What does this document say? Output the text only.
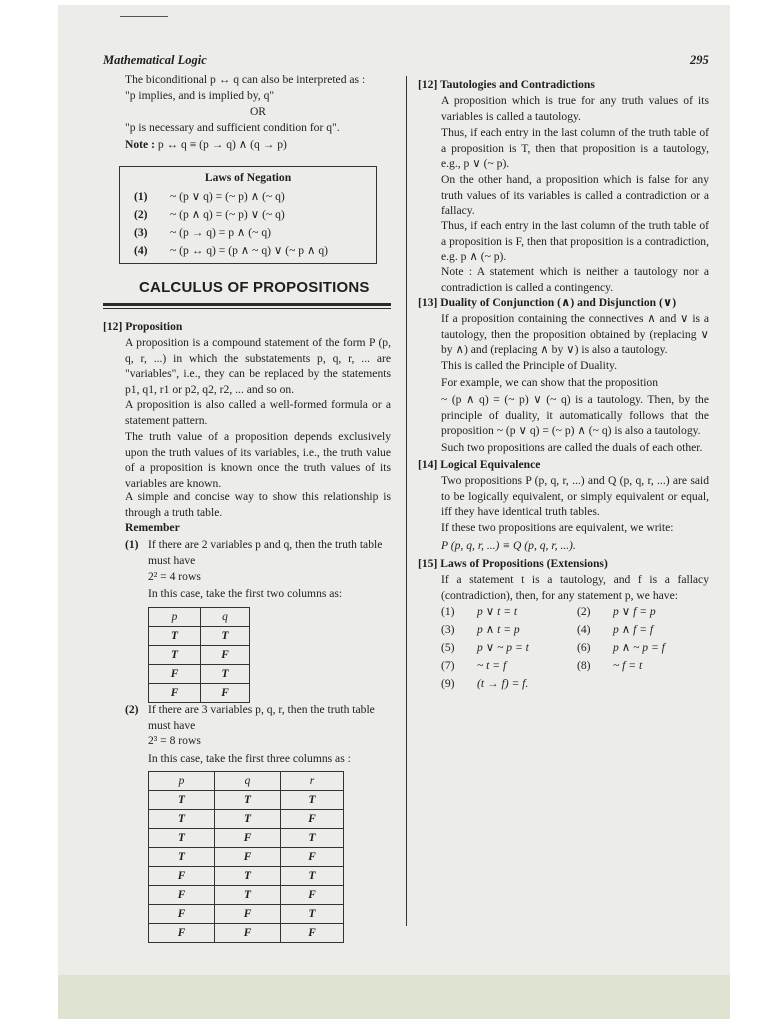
Mathematical Logic	295
The biconditional p ↔ q can also be interpreted as :
"p implies, and is implied by, q"
OR
"p is necessary and sufficient condition for q".
Note : p ↔ q ≡ (p → q) ∧ (q → p)
Laws of Negation
(1) ~ (p ∨ q) = (~ p) ∧ (~ q)
(2) ~ (p ∧ q) = (~ p) ∨ (~ q)
(3) ~ (p → q) = p ∧ (~ q)
(4) ~ (p ↔ q) = (p ∧ ~ q) ∨ (~ p ∧ q)
CALCULUS OF PROPOSITIONS
[12] Proposition
A proposition is a compound statement of the form P (p, q, r, ...) in which the substatements p, q, r, ... are "variables", i.e., they can be replaced by the statements p1, q1, r1 or p2, q2, r2, ... and so on.
A proposition is also called a well-formed formula or a statement pattern.
The truth value of a proposition depends exclusively upon the truth values of its variables, i.e., the truth value of a proposition is known once the truth values of its variables are known.
A simple and concise way to show this relationship is through a truth table.
Remember
(1) If there are 2 variables p and q, then the truth table must have
2² = 4 rows
In this case, take the first two columns as:
p	q
T	T
T	F
F	T
F	F
(2) If there are 3 variables p, q, r, then the truth table must have
2³ = 8 rows
In this case, take the first three columns as :
p	q	r
T	T	T
T	T	F
T	F	T
T	F	F
F	T	T
F	T	F
F	F	T
F	F	F
[12] Tautologies and Contradictions
A proposition which is true for any truth values of its variables is called a tautology.
Thus, if each entry in the last column of the truth table of a proposition is T, then that proposition is a tautology, e.g., p ∨ (~ p).
On the other hand, a proposition which is false for any truth values of its variables is called a contradiction or a fallacy.
Thus, if each entry in the last column of the truth table of a proposition is F, then that proposition is a contradiction, e.g. p ∧ (~ p).
Note : A statement which is neither a tautology nor a contradiction is called a contingency.
[13] Duality of Conjunction (∧) and Disjunction (∨)
If a proposition containing the connectives ∧ and ∨ is a tautology, then the proposition obtained by (replacing ∨ by ∧) and (replacing ∧ by ∨) is also a tautology.
This is called the Principle of Duality.
For example, we can show that the proposition
~ (p ∧ q) = (~ p) ∨ (~ q) is a tautology. Then, by the principle of duality, it automatically follows that the proposition ~ (p ∨ q) = (~ p) ∧ (~ q) is also a tautology.
Such two propositions are called the duals of each other.
[14] Logical Equivalence
Two propositions P (p, q, r, ...) and Q (p, q, r, ...) are said to be logically equivalent, or simply equivalent or equal, iff they have identical truth tables.
If these two propositions are equivalent, we write:
P (p, q, r, ...) ≡ Q (p, q, r, ...).
[15] Laws of Propositions (Extensions)
If a statement t is a tautology, and f is a fallacy (contradiction), then, for any statement p, we have:
(1) p ∨ t = t	(2) p ∨ f = p
(3) p ∧ t = p	(4) p ∧ f = f
(5) p ∨ ~ p = t	(6) p ∧ ~ p = f
(7) ~ t = f	(8) ~ f = t
(9) (t → f) = f.
